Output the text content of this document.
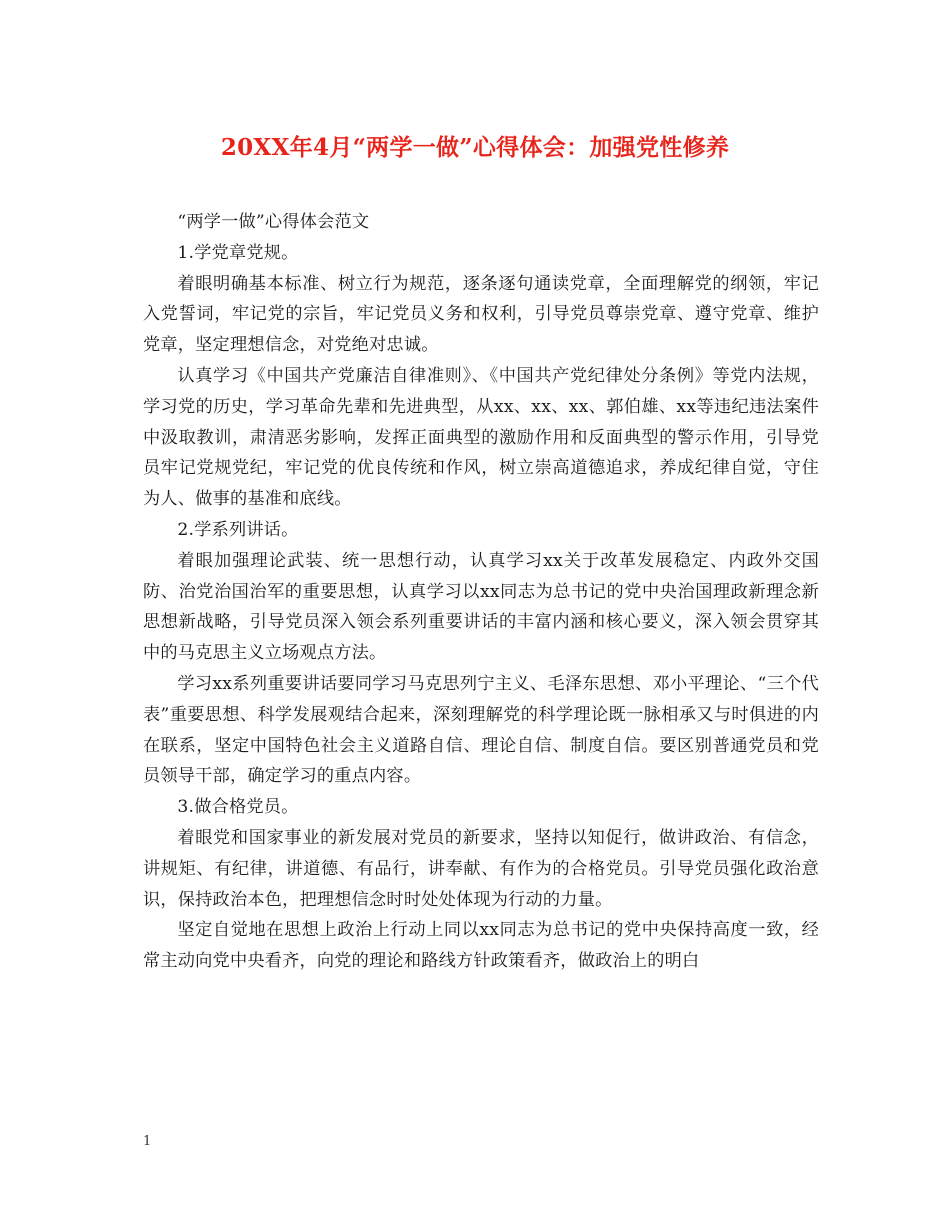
20XX年4月“两学一做”心得体会：加强党性修养

“两学一做”心得体会范文

1.学党章党规。

着眼明确基本标准、树立行为规范，逐条逐句通读党章，全面理解党的纲领，牢记入党誓词，牢记党的宗旨，牢记党员义务和权利，引导党员尊崇党章、遵守党章、维护党章，坚定理想信念，对党绝对忠诚。

认真学习《中国共产党廉洁自律准则》、《中国共产党纪律处分条例》等党内法规，学习党的历史，学习革命先辈和先进典型，从xx、xx、xx、郭伯雄、xx等违纪违法案件中汲取教训，肃清恶劣影响，发挥正面典型的激励作用和反面典型的警示作用，引导党员牢记党规党纪，牢记党的优良传统和作风，树立崇高道德追求，养成纪律自觉，守住为人、做事的基准和底线。

2.学系列讲话。

着眼加强理论武装、统一思想行动，认真学习xx关于改革发展稳定、内政外交国防、治党治国治军的重要思想，认真学习以xx同志为总书记的党中央治国理政新理念新思想新战略，引导党员深入领会系列重要讲话的丰富内涵和核心要义，深入领会贯穿其中的马克思主义立场观点方法。

学习xx系列重要讲话要同学习马克思列宁主义、毛泽东思想、邓小平理论、“三个代表”重要思想、科学发展观结合起来，深刻理解党的科学理论既一脉相承又与时俱进的内在联系，坚定中国特色社会主义道路自信、理论自信、制度自信。要区别普通党员和党员领导干部，确定学习的重点内容。

3.做合格党员。

着眼党和国家事业的新发展对党员的新要求，坚持以知促行，做讲政治、有信念，讲规矩、有纪律，讲道德、有品行，讲奉献、有作为的合格党员。引导党员强化政治意识，保持政治本色，把理想信念时时处处体现为行动的力量。

坚定自觉地在思想上政治上行动上同以xx同志为总书记的党中央保持高度一致，经常主动向党中央看齐，向党的理论和路线方针政策看齐，做政治上的明白

1
